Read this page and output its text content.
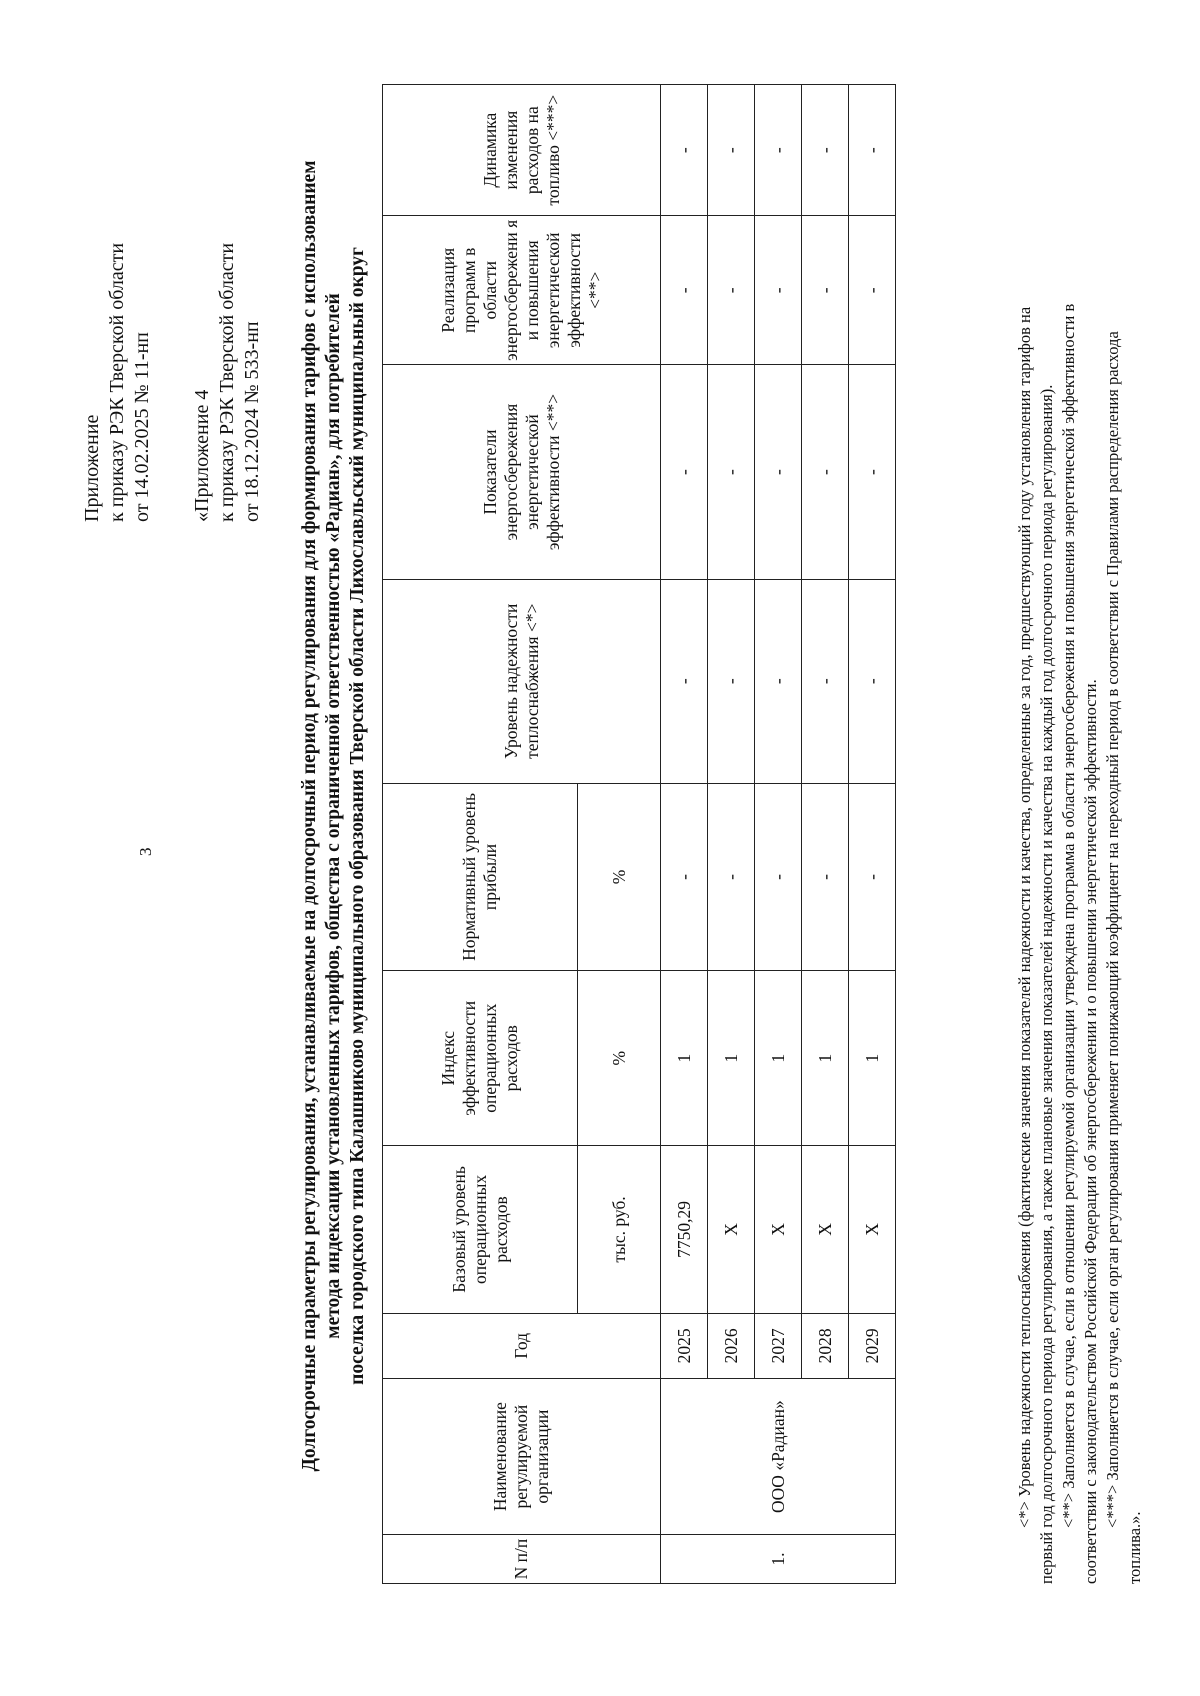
3
Приложение к приказу РЭК Тверской области от 14.02.2025 № 11-нп «Приложение 4 к приказу РЭК Тверской области от 18.12.2024 № 533-нп Долгосрочные параметры регулирования, устанавливаемые на долгосрочный период регулирования для формирования тарифов с использованием метода индексации установленных тарифов, общества с ограниченной ответственностью «Радиан», для потребителей поселка городского типа Калашниково муниципального образования Тверской области Лихославльский муниципальный округ
N п/п	Наименование регулируемой организации	Год	Базовый уровень операционных расходов	Индекс эффективности операционных расходов	Нормативный уровень прибыли	Уровень надежности теплоснабжения <*>	Показатели энергосбережения энергетической эффективности <**>	Реализация программ в области энергосбережени я и повышения энергетической эффективности <**>	Динамика изменения расходов на топливо <***>
			тыс. руб.	%	%				
1.	ООО «Радиан»	2025	7750,29	1	-	-	-	-	-
		2026	Х	1	-	-	-	-	-
		2027	Х	1	-	-	-	-	-
		2028	Х	1	-	-	-	-	-
		2029	Х	1	-	-	-	-	-

<*> Уровень надежности теплоснабжения (фактические значения показателей надежности и качества, определенные за год, предшествующий году установления тарифов на первый год долгосрочного периода регулирования, а также плановые значения показателей надежности и качества на каждый год долгосрочного периода регулирования). <**> Заполняется в случае, если в отношении регулируемой организации утверждена программа в области энергосбережения и повышения энергетической эффективности в соответствии с законодательством Российской Федерации об энергосбережении и о повышении энергетической эффективности. <***> Заполняется в случае, если орган регулирования применяет понижающий коэффициент на переходный период в соответствии с Правилами распределения расхода

топлива.».
